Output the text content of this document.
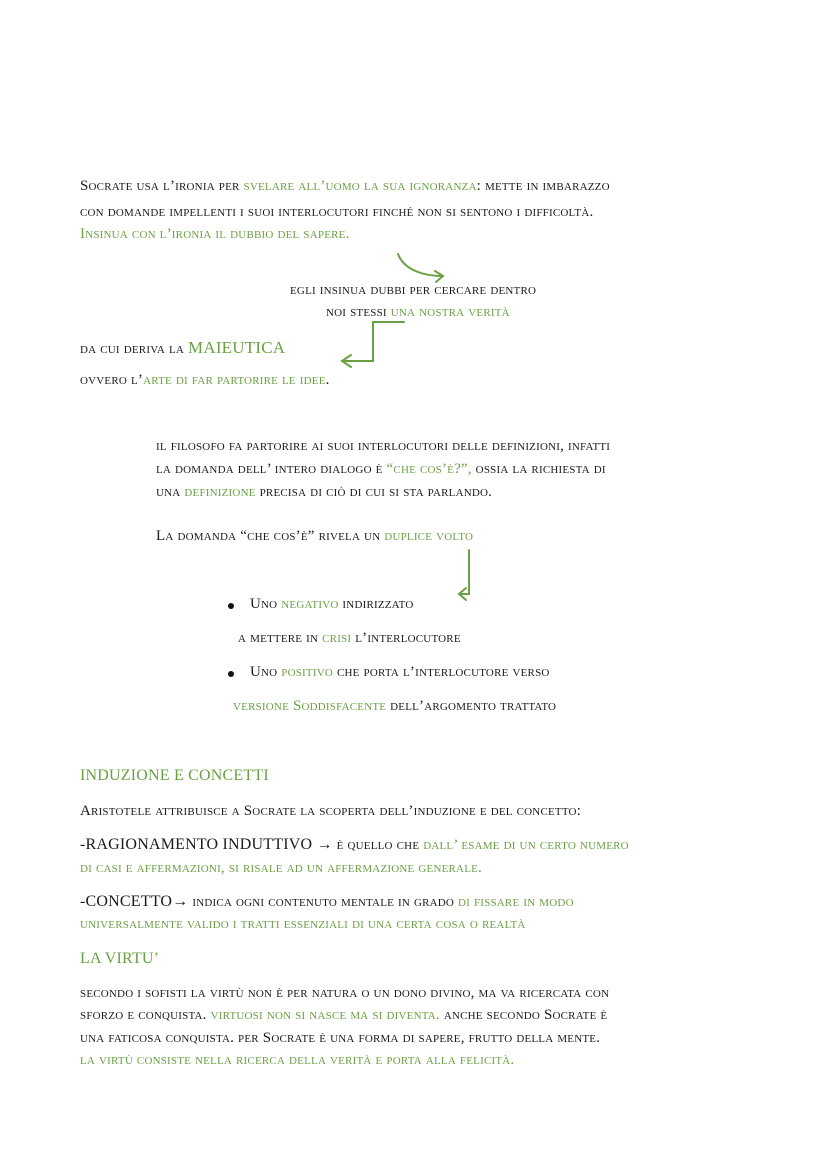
Socrate usa l’ironia per svelare all’uomo la sua ignoranza: mette in imbarazzo
con domande impellenti i suoi interlocutori finché non si sentono i difficoltà.
Insinua con l’ironia il dubbio del sapere.
egli insinua dubbi per cercare dentro
noi stessi una nostra verità
da cui deriva la MAIEUTICA
ovvero l’arte di far partorire le idee.
il filosofo fa partorire ai suoi interlocutori delle definizioni, infatti
la domanda dell’ intero dialogo è “che cos’è?”, ossia la richiesta di
una definizione precisa di ciò di cui si sta parlando.
La domanda “che cos’è” rivela un duplice volto
Uno negativo indirizzato
a mettere in crisi l’interlocutore
Uno positivo che porta l’interlocutore verso
versione Soddisfacente dell’argomento trattato
INDUZIONE E CONCETTI
Aristotele attribuisce a Socrate la scoperta dell’induzione e del concetto:
-RAGIONAMENTO INDUTTIVO → è quello che dall’ esame di un certo numero
di casi e affermazioni, si risale ad un affermazione generale.
-CONCETTO→ indica ogni contenuto mentale in grado di fissare in modo
universalmente valido i tratti essenziali di una certa cosa o realtà
LA VIRTU’
secondo i sofisti la virtù non è per natura o un dono divino, ma va ricercata con
sforzo e conquista. virtuosi non si nasce ma si diventa. anche secondo Socrate è
una faticosa conquista. per Socrate è una forma di sapere, frutto della mente.
la virtù consiste nella ricerca della verità e porta alla felicità.
